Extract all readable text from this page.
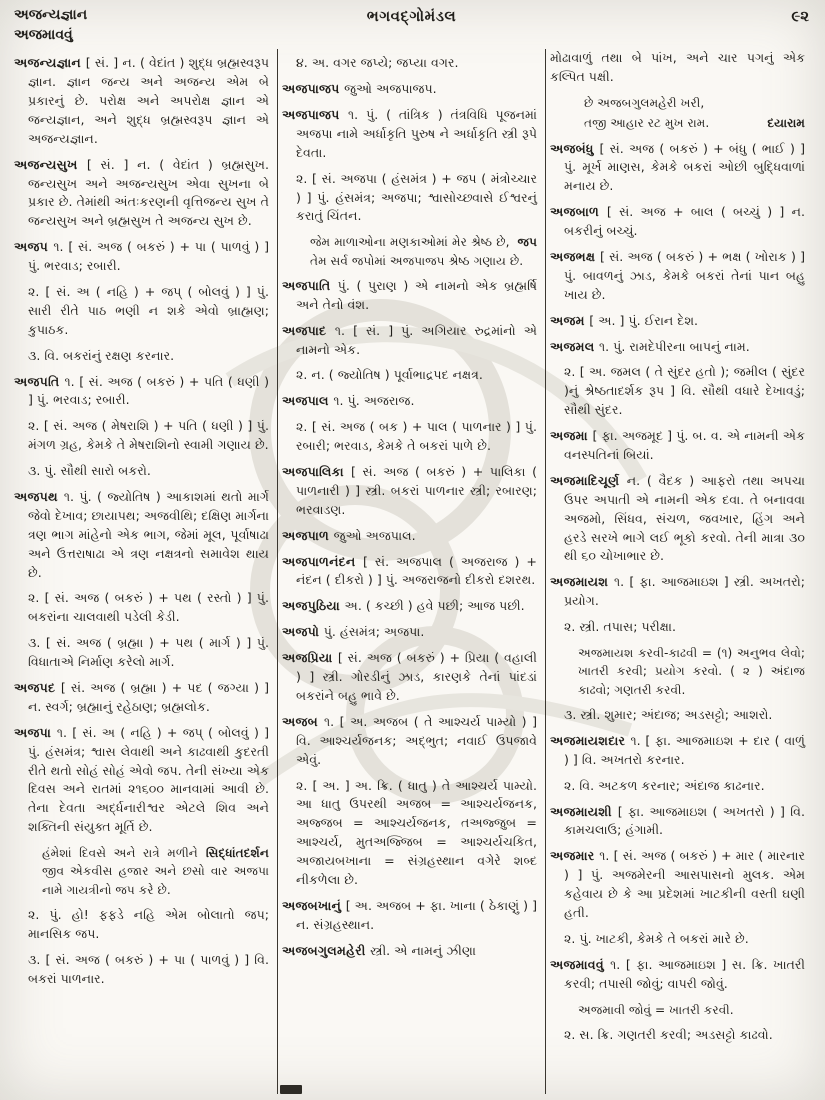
અજન્યજ્ઞાન
અજમાવવું
ભગવદ્ગોમંડલ	૯૨

અજન્યજ્ઞાન [ સં. ] ન. ( વેદાંત ) શુદ્ધ બ્રહ્મસ્વરૂપ જ્ઞાન. જ્ઞાન જન્ય અને અજન્ય એમ બે પ્રકારનું છે. પરોક્ષ અને અપરોક્ષ જ્ઞાન એ જન્યજ્ઞાન, અને શુદ્ધ બ્રહ્મસ્વરૂપ જ્ઞાન એ અજન્યજ્ઞાન.

અજન્યસુખ [ સં. ] ન. ( વેદાંત ) બ્રહ્મસુખ. જન્યસુખ અને અજન્યસુખ એવા સુખના બે પ્રકાર છે. તેમાંથી અંતઃકરણની વૃત્તિજન્ય સુખ તે જન્યસુખ અને બ્રહ્મસુખ તે અજન્ય સુખ છે.

અજપ ૧. [ સં. અજ ( બકરું ) + પા ( પાળવું ) ] પું. ભરવાડ; રબારી.

૨. [ સં. અ ( નહિ ) + જપ્ ( બોલવું ) ] પું. સારી રીતે પાઠ ભણી ન શકે એવો બ્રાહ્મણ; કુપાઠક.

૩. વિ. બકરાંનું રક્ષણ કરનાર.

અજપતિ ૧. [ સં. અજ ( બકરું ) + પતિ ( ધણી ) ] પું. ભરવાડ; રબારી.

૨. [ સં. અજ ( મેષરાશિ ) + પતિ ( ધણી ) ] પું. મંગળ ગ્રહ, કેમકે તે મેષરાશિનો સ્વામી ગણાય છે.

૩. પું. સૌથી સારો બકરો.

અજપથ ૧. પું. ( જ્યોતિષ ) આકાશમાં થતો માર્ગ જેવો દેખાવ; છાયાપથ; અજવીથિ; દક્ષિણ માર્ગના ત્રણ ભાગ માંહેનો એક ભાગ, જેમાં મૂલ, પૂર્વાષાઢા અને ઉત્તરાષાઢા એ ત્રણ નક્ષત્રનો સમાવેશ થાય છે.

૨. [ સં. અજ ( બકરું ) + પથ ( રસ્તો ) ] પું. બકરાંના ચાલવાથી પડેલી કેડી.

૩. [ સં. અજ ( બ્રહ્મા ) + પથ ( માર્ગ ) ] પું. વિધાતાએ નિર્માણ કરેલો માર્ગ.

અજપદ [ સં. અજ ( બ્રહ્મા ) + પદ ( જગ્યા ) ] ન. સ્વર્ગ; બ્રહ્માનું રહેઠાણ; બ્રહ્મલોક.

અજપા ૧. [ સં. અ ( નહિ ) + જપ્ ( બોલવું ) ] પું. હંસમંત્ર; શ્વાસ લેવાથી અને કાઢવાથી કુદરતી રીતે થતો સોહં સોહં એવો જપ. તેની સંખ્યા એક દિવસ અને રાતમાં ૨૧૬૦૦ માનવામાં આવી છે. તેના દેવતા અર્દ્ધનારીશ્વર એટલે શિવ અને શક્તિની સંયુક્ત મૂર્તિ છે.

સિદ્ધાંતદર્શન
હંમેશાં દિવસે અને રાત્રે મળીને જીવ એકવીસ હજાર અને છસો વાર અજપા નામે ગાયત્રીનો જપ કરે છે.

૨. પું. હો! ફફડે નહિ એમ બોલાતો જપ; માનસિક જપ.

૩. [ સં. અજ ( બકરું ) + પા ( પાળવું ) ] વિ. બકરાં પાળનાર.

૪. અ. વગર જપ્યે; જપ્યા વગર.

અજપાજપ જુઓ અજપાજપ.

અજપાજપ ૧. પું. ( તાંત્રિક ) તંત્રવિધિ પૂજનમાં અજપા નામે અર્ધાકૃતિ પુરુષ ને અર્ધાકૃતિ સ્ત્રી રૂપે દેવતા.

૨. [ સં. અજપા ( હંસમંત્ર ) + જપ ( મંત્રોચ્ચાર ) ] પું. હંસમંત્ર; અજપા; શ્વાસોચ્છ્વાસે ઈશ્વરનું કરાતું ચિંતન.

જપ
જેમ માળાઓના મણકાઓમાં મેર શ્રેષ્ઠ છે, તેમ સર્વ જપોમાં અજપાજપ શ્રેષ્ઠ ગણાય છે.

અજપાતિ પું. ( પુરાણ ) એ નામનો એક બ્રહ્મર્ષિ અને તેનો વંશ.

અજપાદ ૧. [ સં. ] પું. અગિયાર રુદ્રમાંનો એ નામનો એક.

૨. ન. ( જ્યોતિષ ) પૂર્વાભાદ્રપદ નક્ષત્ર.

અજપાલ ૧. પું. અજરાજ.

૨. [ સં. અજ ( બક ) + પાલ ( પાળનાર ) ] પું. રબારી; ભરવાડ, કેમકે તે બકરાં પાળે છે.

અજપાલિકા [ સં. અજ ( બકરું ) + પાલિકા ( પાળનારી ) ] સ્ત્રી. બકરાં પાળનાર સ્ત્રી; રબારણ; ભરવાડણ.

અજપાળ જુઓ અજપાલ.

અજપાળનંદન [ સં. અજપાલ ( અજરાજ ) + નંદન ( દીકરો ) ] પું. અજરાજનો દીકરો દશરથ.

અજપુઠિયા અ. ( કચ્છી ) હવે પછી; આજ પછી.

અજપો પું. હંસમંત્ર; અજપા.

અજપ્રિયા [ સં. અજ ( બકરું ) + પ્રિયા ( વહાલી ) ] સ્ત્રી. ગોરડીનું ઝાડ, કારણકે તેનાં પાંદડાં બકરાંને બહુ ભાવે છે.

અજબ ૧. [ અ. અજબ ( તે આશ્ચર્ય પામ્યો ) ] વિ. આશ્ચર્યજનક; અદ્ભુત; નવાઈ ઉપજાવે એવું.

૨. [ અ. ] અ. ક્રિ. ( ધાતુ ) તે આશ્ચર્ય પામ્યો. આ ધાતુ ઉપરથી અજબ = આશ્ચર્યજનક, અજ્જબ = આશ્ચર્યજનક, તઅજ્જુબ = આશ્ચર્ય, મુતઅજ્જિબ = આશ્ચર્યચકિત, અજાયબખાના = સંગ્રહસ્થાન વગેરે શબ્દ નીકળેલા છે.

અજબખાનું [ અ. અજબ + ફા. ખાના ( ઠેકાણું ) ] ન. સંગ્રહસ્થાન.

અજબગુલમહેરી સ્ત્રી. એ નામનું ઝીણા

મોઢાવાળું તથા બે પાંખ, અને ચાર પગનું એક કલ્પિત પક્ષી.

છે અજબગુલમહેરી ખરી,

દયારામ
તજી આહાર રટ મુખ રામ.

અજબંધુ [ સં. અજ ( બકરું ) + બંધુ ( ભાઈ ) ] પું. મૂર્ખ માણસ, કેમકે બકરાં ઓછી બુદ્ધિવાળાં મનાય છે.

અજબાળ [ સં. અજ + બાલ ( બચ્ચું ) ] ન. બકરીનું બચ્ચું.

અજભક્ષ [ સં. અજ ( બકરું ) + ભક્ષ ( ખોરાક ) ] પું. બાવળનું ઝાડ, કેમકે બકરાં તેનાં પાન બહુ ખાય છે.

અજમ [ અ. ] પું. ઈરાન દેશ.

અજમલ ૧. પું. રામદેપીરના બાપનું નામ.

૨. [ અ. જમલ ( તે સુંદર હતો ); જમીલ ( સુંદર )નું શ્રેષ્ઠતાદર્શક રૂપ ] વિ. સૌથી વધારે દેખાવડું; સૌથી સુંદર.

અજમા [ ફા. અજમૂદ ] પું. બ. વ. એ નામની એક વનસ્પતિનાં બિયાં.

અજમાદિચૂર્ણ ન. ( વૈદક ) આફરો તથા અપચા ઉપર અપાતી એ નામની એક દવા. તે બનાવવા અજમો, સિંધવ, સંચળ, જવખાર, હિંગ અને હરડે સરખે ભાગે લઈ ભૂકો કરવો. તેની માત્રા ૩૦ થી ૬૦ ચોખાભાર છે.

અજમાયશ ૧. [ ફા. આજમાઇશ ] સ્ત્રી. અખતરો; પ્રયોગ.

૨. સ્ત્રી. તપાસ; પરીક્ષા.

અજમાયશ કરવી-કાઢવી = (૧) અનુભવ લેવો; ખાતરી કરવી; પ્રયોગ કરવો. ( ૨ ) અંદાજ કાઢવો; ગણતરી કરવી.

૩. સ્ત્રી. શુમાર; અંદાજ; અડસટ્ટો; આશરો.

અજમાયશદાર ૧. [ ફા. આજમાઇશ + દાર ( વાળું ) ] વિ. અખતરો કરનાર.

૨. વિ. અટકળ કરનાર; અંદાજ કાઢનાર.

અજમાયશી [ ફા. આજમાઇશ ( અખતરો ) ] વિ. કામચલાઉ; હંગામી.

અજમાર ૧. [ સં. અજ ( બકરું ) + માર ( મારનાર ) ] પું. અજમેરની આસપાસનો મુલક. એમ કહેવાય છે કે આ પ્રદેશમાં ખાટકીની વસ્તી ઘણી હતી.

૨. પું. ખાટકી, કેમકે તે બકરાં મારે છે.

અજમાવવું ૧. [ ફા. આજમાઇશ ] સ. ક્રિ. ખાતરી કરવી; તપાસી જોવું; વાપરી જોવું.

અજમાવી જોવું = ખાતરી કરવી.

૨. સ. ક્રિ. ગણતરી કરવી; અડસટ્ટો કાઢવો.
